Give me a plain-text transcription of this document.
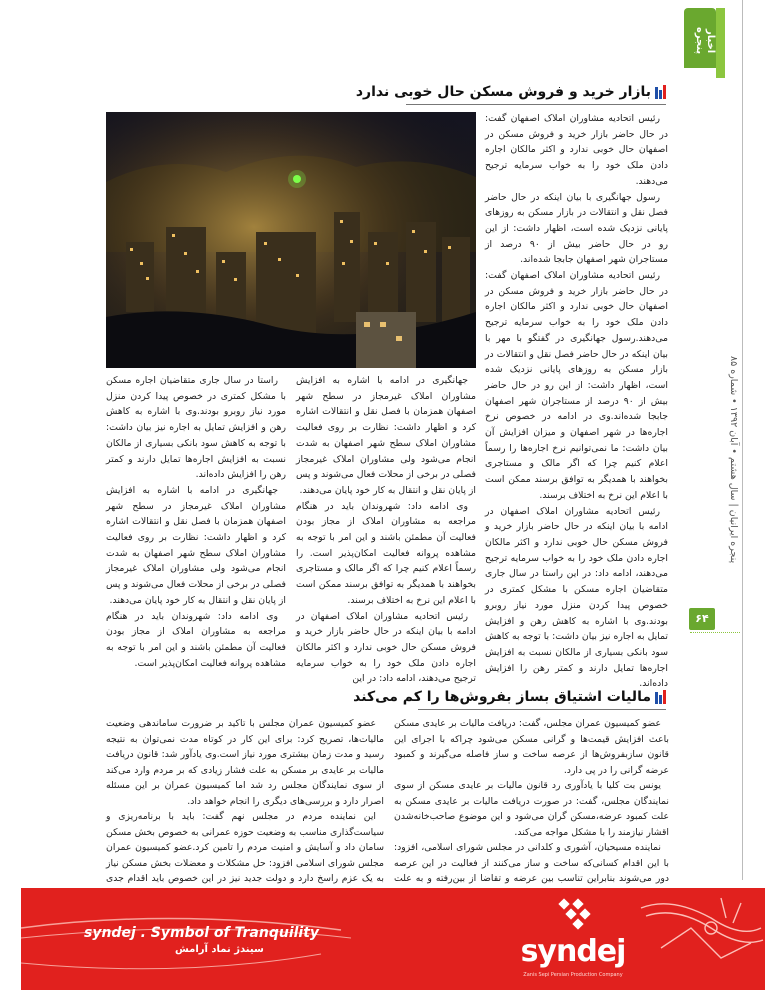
اخبار پنجره
پنجره ایرانیان | سال هشتم • آبان ۱۳۹۲ • شماره ۸۵
۶۴
بازار خرید و فروش مسکن حال خوبی ندارد

رئیس اتحادیه مشاوران املاک اصفهان گفت: در حال حاضر بازار خرید و فروش مسکن در اصفهان حال خوبی ندارد و اکثر مالکان اجاره دادن ملک خود را به خواب سرمایه ترجیح می‌دهند.

رسول جهانگیری با بیان اینکه در حال حاضر فصل نقل و انتقالات در بازار مسکن به روزهای پایانی نزدیک شده است، اظهار داشت: از این رو در حال حاضر بیش از ۹۰ درصد از مستاجران شهر اصفهان جابجا شده‌اند.

رئیس اتحادیه مشاوران املاک اصفهان گفت: در حال حاضر بازار خرید و فروش مسکن در اصفهان حال خوبی ندارد و اکثر مالکان اجاره دادن ملک خود را به خواب سرمایه ترجیح می‌دهند.رسول جهانگیری در گفتگو با مهر با بیان اینکه در حال حاضر فصل نقل و انتقالات در بازار مسکن به روزهای پایانی نزدیک شده است، اظهار داشت: از این رو در حال حاضر بیش از ۹۰ درصد از مستاجران شهر اصفهان جابجا شده‌اند.وی در ادامه در خصوص نرخ اجاره‌ها در شهر اصفهان و میزان افزایش آن بیان داشت: ما نمی‌توانیم نرخ اجاره‌ها را رسماً اعلام کنیم چرا که اگر مالک و مستاجری بخواهند با همدیگر به توافق برسند ممکن است با اعلام این نرخ به اختلاف برسند.

رئیس اتحادیه مشاوران املاک اصفهان در ادامه با بیان اینکه در حال حاضر بازار خرید و فروش مسکن حال خوبی ندارد و اکثر مالکان اجاره دادن ملک خود را به خواب سرمایه ترجیح می‌دهند، ادامه داد: در این راستا در سال جاری متقاضیان اجاره مسکن با مشکل کمتری در خصوص پیدا کردن منزل مورد نیاز روبرو بودند.وی با اشاره به کاهش رهن و افزایش تمایل به اجاره نیز بیان داشت: با توجه به کاهش سود بانکی بسیاری از مالکان نسبت به افزایش اجاره‌ها تمایل دارند و کمتر رهن را افزایش داده‌اند.

جهانگیری در ادامه با اشاره به افزایش مشاوران املاک غیرمجاز در سطح شهر اصفهان همزمان با فصل نقل و انتقالات اشاره کرد و اظهار داشت: نظارت بر روی فعالیت مشاوران املاک سطح شهر اصفهان به شدت انجام می‌شود ولی مشاوران املاک غیرمجاز فصلی در برخی از محلات فعال می‌شوند و پس از پایان نقل و انتقال به کار خود پایان می‌دهند.

وی ادامه داد: شهروندان باید در هنگام مراجعه به مشاوران املاک از مجاز بودن فعالیت آن مطمئن باشند و این امر با توجه به مشاهده پروانه فعالیت امکان‌پذیر است. را رسماً اعلام کنیم چرا که اگر مالک و مستاجری بخواهند با همدیگر به توافق برسند ممکن است با اعلام این نرخ به اختلاف برسند.

رئیس اتحادیه مشاوران املاک اصفهان در ادامه با بیان اینکه در حال حاضر بازار خرید و فروش مسکن حال خوبی ندارد و اکثر مالکان اجاره دادن ملک خود را به خواب سرمایه ترجیح می‌دهند، ادامه داد: در این

راستا در سال جاری متقاضیان اجاره مسکن با مشکل کمتری در خصوص پیدا کردن منزل مورد نیاز روبرو بودند.وی با اشاره به کاهش رهن و افزایش تمایل به اجاره نیز بیان داشت: با توجه به کاهش سود بانکی بسیاری از مالکان نسبت به افزایش اجاره‌ها تمایل دارند و کمتر رهن را افزایش داده‌اند.

جهانگیری در ادامه با اشاره به افزایش مشاوران املاک غیرمجاز در سطح شهر اصفهان همزمان با فصل نقل و انتقالات اشاره کرد و اظهار داشت: نظارت بر روی فعالیت مشاوران املاک سطح شهر اصفهان به شدت انجام می‌شود ولی مشاوران املاک غیرمجاز فصلی در برخی از محلات فعال می‌شوند و پس از پایان نقل و انتقال به کار خود پایان می‌دهند.

وی ادامه داد: شهروندان باید در هنگام مراجعه به مشاوران املاک از مجاز بودن فعالیت آن مطمئن باشند و این امر با توجه به مشاهده پروانه فعالیت امکان‌پذیر است.

مالیات اشتیاق بساز بفروش‌ها را کم می‌کند

عضو کمیسیون عمران مجلس، گفت: دریافت مالیات بر عایدی مسکن باعث افزایش قیمت‌ها و گرانی مسکن می‌شود چراکه با اجرای این قانون سازبفروش‌ها از عرصه ساخت و ساز فاصله می‌گیرند و کمبود عرضه گرانی را در پی دارد.

یونس بت کلیا با یادآوری رد قانون مالیات بر عایدی مسکن از سوی نمایندگان مجلس، گفت: در صورت دریافت مالیات بر عایدی مسکن به علت کمبود عرضه،مسکن گران می‌شود و این موضوع صاحب‌خانه‌شدن اقشار نیازمند را با مشکل مواجه می‌کند.

نماینده مسیحیان، آشوری و کلدانی در مجلس شورای اسلامی، افزود: با این اقدام کسانی‌که ساخت و ساز می‌کنند از فعالیت در این عرصه دور می‌شوند بنابراین تناسب بین عرضه و تقاضا از بین‌رفته و به علت

عضو کمیسیون عمران مجلس با تاکید بر ضرورت ساماندهی وضعیت مالیات‌ها، تصریح کرد: برای این کار در کوتاه مدت نمی‌توان به نتیجه رسید و مدت زمان بیشتری مورد نیاز است.وی یادآور شد: قانون دریافت مالیات بر عایدی بر مسکن به علت فشار زیادی که بر مردم وارد می‌کند از سوی نمایندگان مجلس رد شد اما کمیسیون عمران بر این مسئله اصرار دارد و بررسی‌های دیگری را انجام خواهد داد.

این نماینده مردم در مجلس نهم گفت: باید با برنامه‌ریزی و سیاست‌گذاری مناسب به وضعیت حوزه عمرانی به خصوص بخش مسکن سامان داد و آسایش و امنیت مردم را تامین کرد.عضو کمیسیون عمران مجلس شورای اسلامی افزود: حل مشکلات و معضلات بخش مسکن نیاز به یک عزم راسخ دارد و دولت جدید نیز در این خصوص باید اقدام جدی

syndej
Zanis Sepi Persian Production Company
syndej . Symbol of Tranquility
سیندژ نماد آرامش
